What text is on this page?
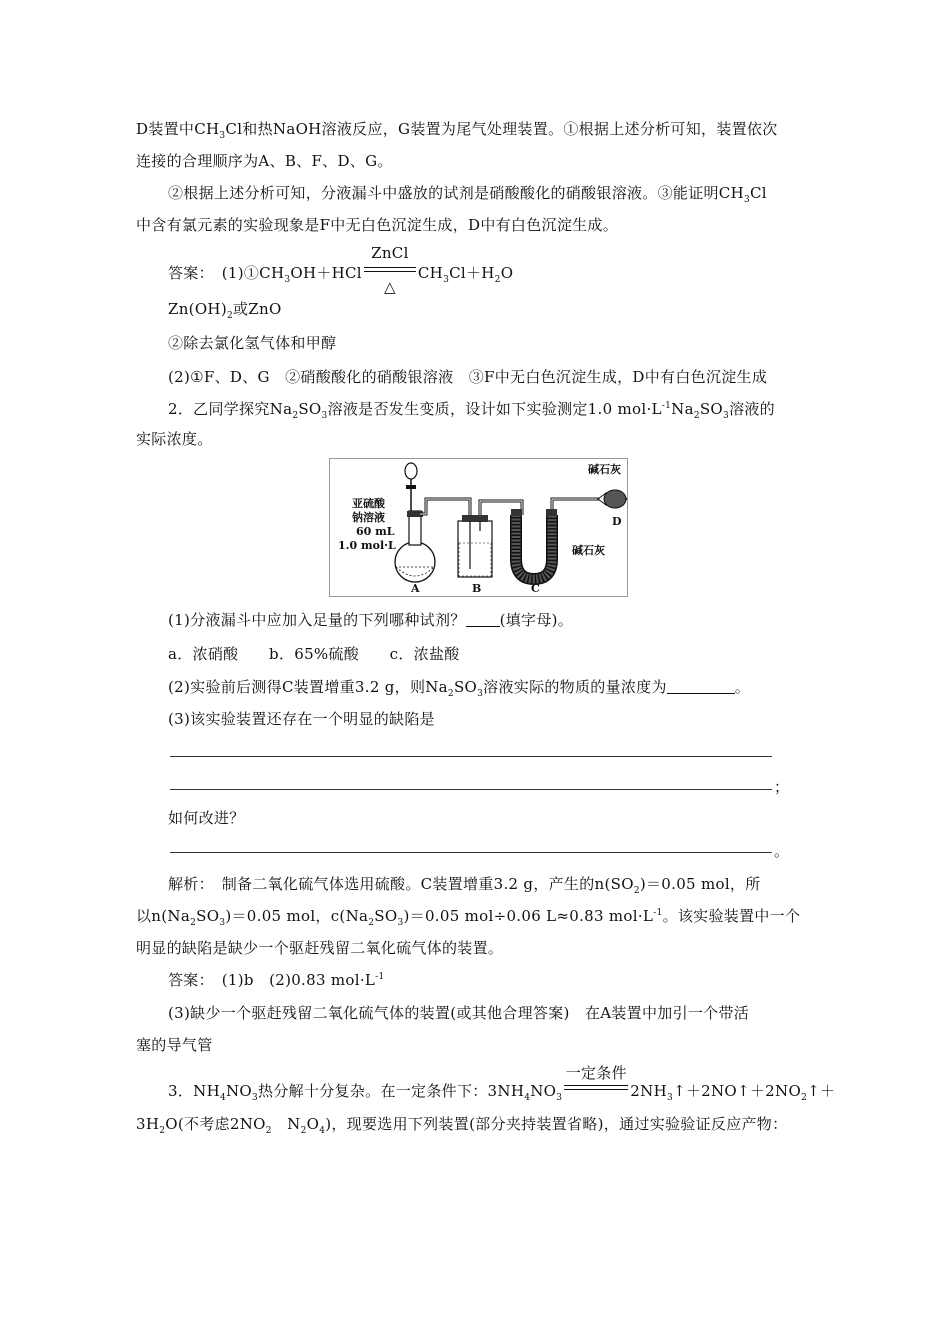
D装置中$CH_3Cl$和热NaOH溶液反应，G装置为尾气处理装置。①根据上述分析可知，装置依次
连接的合理顺序为A、B、F、D、G。
②根据上述分析可知，分液漏斗中盛放的试剂是硝酸酸化的硝酸银溶液。③能证明$CH_3Cl$
中含有氯元素的实验现象是F中无白色沉淀生成，D中有白色沉淀生成。
答案：　 $(1)①CH_3OH+HCl$
ZnCl
△
$CH_3Cl+H_2O$
$Zn(OH)_2$或ZnO
②除去氯化氢气体和甲醇
(2)①F、D、G　②硝酸酸化的硝酸银溶液　③F中无白色沉淀生成，D中有白色沉淀生成
2．乙同学探究$Na_2SO_3$溶液是否发生变质，设计如下实验测定1.0 $mol\cdot L^{-1}Na_2SO_3$溶液的
实际浓度。
碱石灰
亚硫酸
钠溶液
60 mL
1.0 mol·L	碱石灰
A	B	C
D
(1)分液漏斗中应加入足量的下列哪种试剂？ (填字母)。
a．浓硝酸　　b．65%硫酸　　c．浓盐酸
(2)实验前后测得C装置增重3.2 g，则$Na_2SO_3$溶液实际的物质的量浓度为	。
(3)该实验装置还存在一个明显的缺陷是
；
如何改进？
。
解析：　 制备二氧化硫气体选用硫酸。C装置增重3.2 g，产生的$n(SO_2)=0.05$ mol，所
以$n(Na_2SO_3)=0.05$ mol，$c(Na_2SO_3)=0.05$ mol÷0.06 L≈0.83 $mol\cdot L^{-1}$。该实验装置中一个
明显的缺陷是缺少一个驱赶残留二氧化硫气体的装置。
答案：　 (1)b　(2)0.83 $mol\cdot L^{-1}$
(3)缺少一个驱赶残留二氧化硫气体的装置(或其他合理答案)　在A装置中加引一个带活
塞的导气管
3．$NH_4NO_3$热分解十分复杂。在一定条件下：$3NH_4NO_3$
一定条件
$2NH_3↑+2NO↑+2NO_2↑+$
$3H_2O$(不考虑$2NO_2$　 $N_2O_4$)，现要选用下列装置(部分夹持装置省略)，通过实验验证反应产物：
